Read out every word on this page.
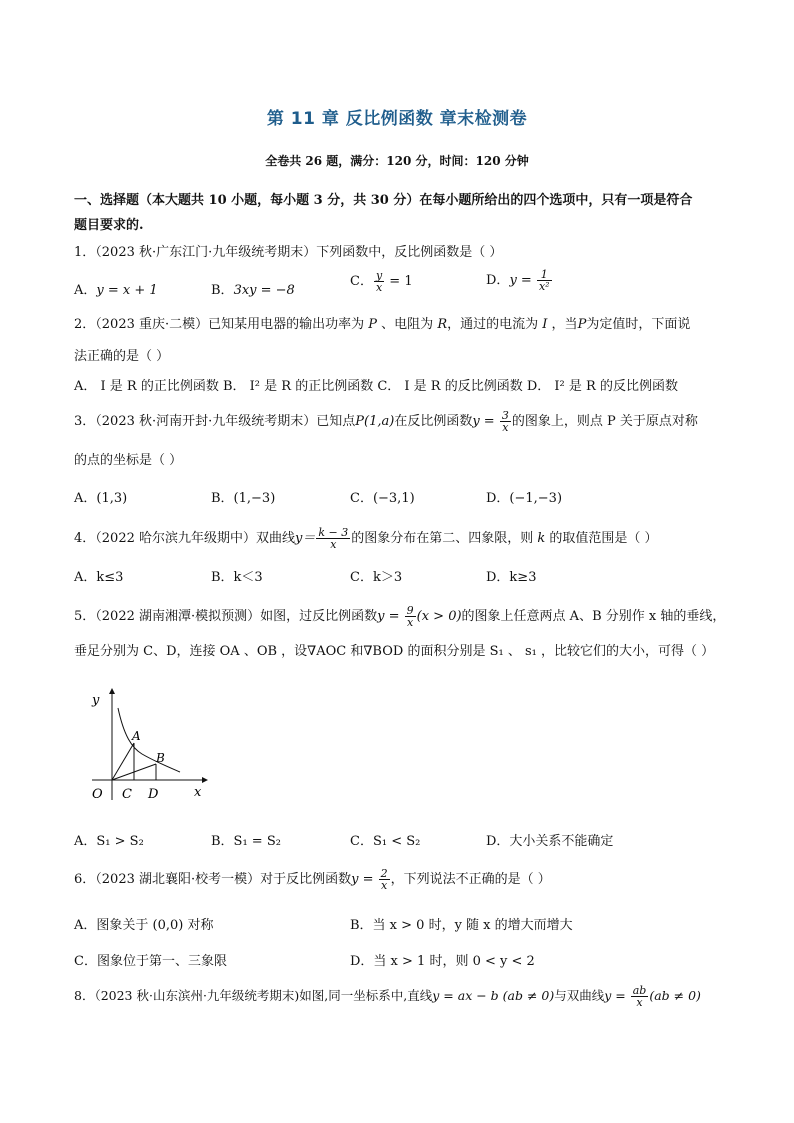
第 11 章 反比例函数 章末检测卷
全卷共 26 题，满分：120 分，时间：120 分钟
一、选择题（本大题共 10 小题，每小题 3 分，共 30 分）在每小题所给出的四个选项中，只有一项是符合
题目要求的.
1．（2023 秋·广东江门·九年级统考期末）下列函数中，反比例函数是（ ）
A．y = x + 1	B．3xy = −8
C． $\frac{y}{x} = 1$	D．$y = \frac{1}{\text{x²}}$
2．（2023 重庆·二模）已知某用电器的输出功率为 P 、电阻为 R，通过的电流为 I ，当P为定值时，下面说
法正确的是（ ）
A． I 是 R 的正比例函数 B． I² 是 R 的正比例函数 C． I 是 R 的反比例函数 D． I² 是 R 的反比例函数
3．（2023 秋·河南开封·九年级统考期末）已知点P(1,a)在反比例函数$y = \frac{3}{x}$ 的图象上，则点 P 关于原点对称
的点的坐标是（ ）
A．(1,3)	B．(1,−3)	C．(−3,1)	D．(−1,−3)
4．（2022 哈尔滨九年级期中）双曲线$y= \frac{k - 3}{x}$ 的图象分布在第二、四象限，则 k 的取值范围是（ ）
A．k≤3	B．k＜3	C．k＞3	D．k≥3
5．（2022 湖南湘潭·模拟预测）如图，过反比例函数$y = \frac{9}{x} (x > 0)$的图象上任意两点 A、B 分别作 x 轴的垂线，
垂足分别为 C、D，连接 OA 、OB ，设∇AOC 和∇BOD 的面积分别是 S₁ 、 s₁ ，比较它们的大小，可得（ ）
y
x
O
A
B
C D
A．S₁ > S₂	B．S₁ = S₂	C．S₁ < S₂	D．大小关系不能确定
6．（2023 湖北襄阳·校考一模）对于反比例函数$y = \frac{2}{x}$ ，下列说法不正确的是（ ）
A．图象关于 (0,0) 对称	B．当 x > 0 时，y 随 x 的增大而增大
C．图象位于第一、三象限	D．当 x > 1 时，则 0 < y < 2
8．（2023 秋·山东滨州·九年级统考期末)如图,同一坐标系中,直线y = ax − b (ab ≠ 0)与双曲线$y = \frac{ab}{x} (ab \ne 0)$
